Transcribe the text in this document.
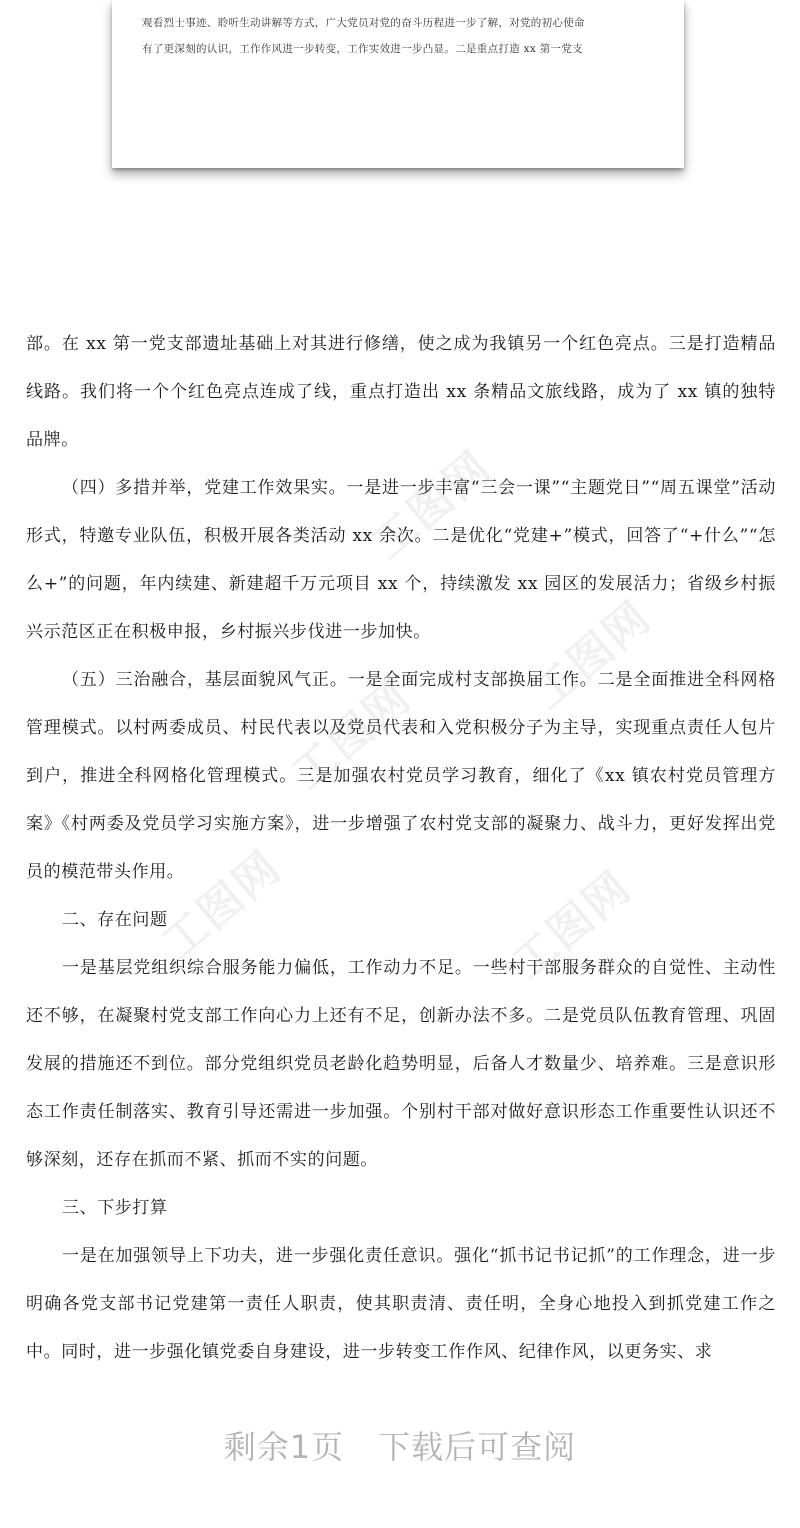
观看烈士事迹、聆听生动讲解等方式，广大党员对党的奋斗历程进一步了解，对党的初心使命
有了更深刻的认识，工作作风进一步转变，工作实效进一步凸显。二是重点打造 xx 第一党支
工图网
工图网
工图网
工图网	工图网

部。在 xx 第一党支部遗址基础上对其进行修缮，使之成为我镇另一个红色亮点。三是打造精品线路。我们将一个个红色亮点连成了线，重点打造出 xx 条精品文旅线路，成为了 xx 镇的独特品牌。

（四）多措并举，党建工作效果实。一是进一步丰富“三会一课”“主题党日”“周五课堂”活动形式，特邀专业队伍，积极开展各类活动 xx 余次。二是优化“党建+”模式，回答了“+什么”“怎么+”的问题，年内续建、新建超千万元项目 xx 个，持续激发 xx 园区的发展活力；省级乡村振兴示范区正在积极申报，乡村振兴步伐进一步加快。

（五）三治融合，基层面貌风气正。一是全面完成村支部换届工作。二是全面推进全科网格管理模式。以村两委成员、村民代表以及党员代表和入党积极分子为主导，实现重点责任人包片到户，推进全科网格化管理模式。三是加强农村党员学习教育，细化了《xx 镇农村党员管理方案》《村两委及党员学习实施方案》，进一步增强了农村党支部的凝聚力、战斗力，更好发挥出党员的模范带头作用。

二、存在问题

一是基层党组织综合服务能力偏低，工作动力不足。一些村干部服务群众的自觉性、主动性还不够，在凝聚村党支部工作向心力上还有不足，创新办法不多。二是党员队伍教育管理、巩固发展的措施还不到位。部分党组织党员老龄化趋势明显，后备人才数量少、培养难。三是意识形态工作责任制落实、教育引导还需进一步加强。个别村干部对做好意识形态工作重要性认识还不够深刻，还存在抓而不紧、抓而不实的问题。

三、下步打算

一是在加强领导上下功夫，进一步强化责任意识。强化“抓书记书记抓”的工作理念，进一步明确各党支部书记党建第一责任人职责，使其职责清、责任明，全身心地投入到抓党建工作之中。同时，进一步强化镇党委自身建设，进一步转变工作作风、纪律作风，以更务实、求

剩余1页 下载后可查阅
